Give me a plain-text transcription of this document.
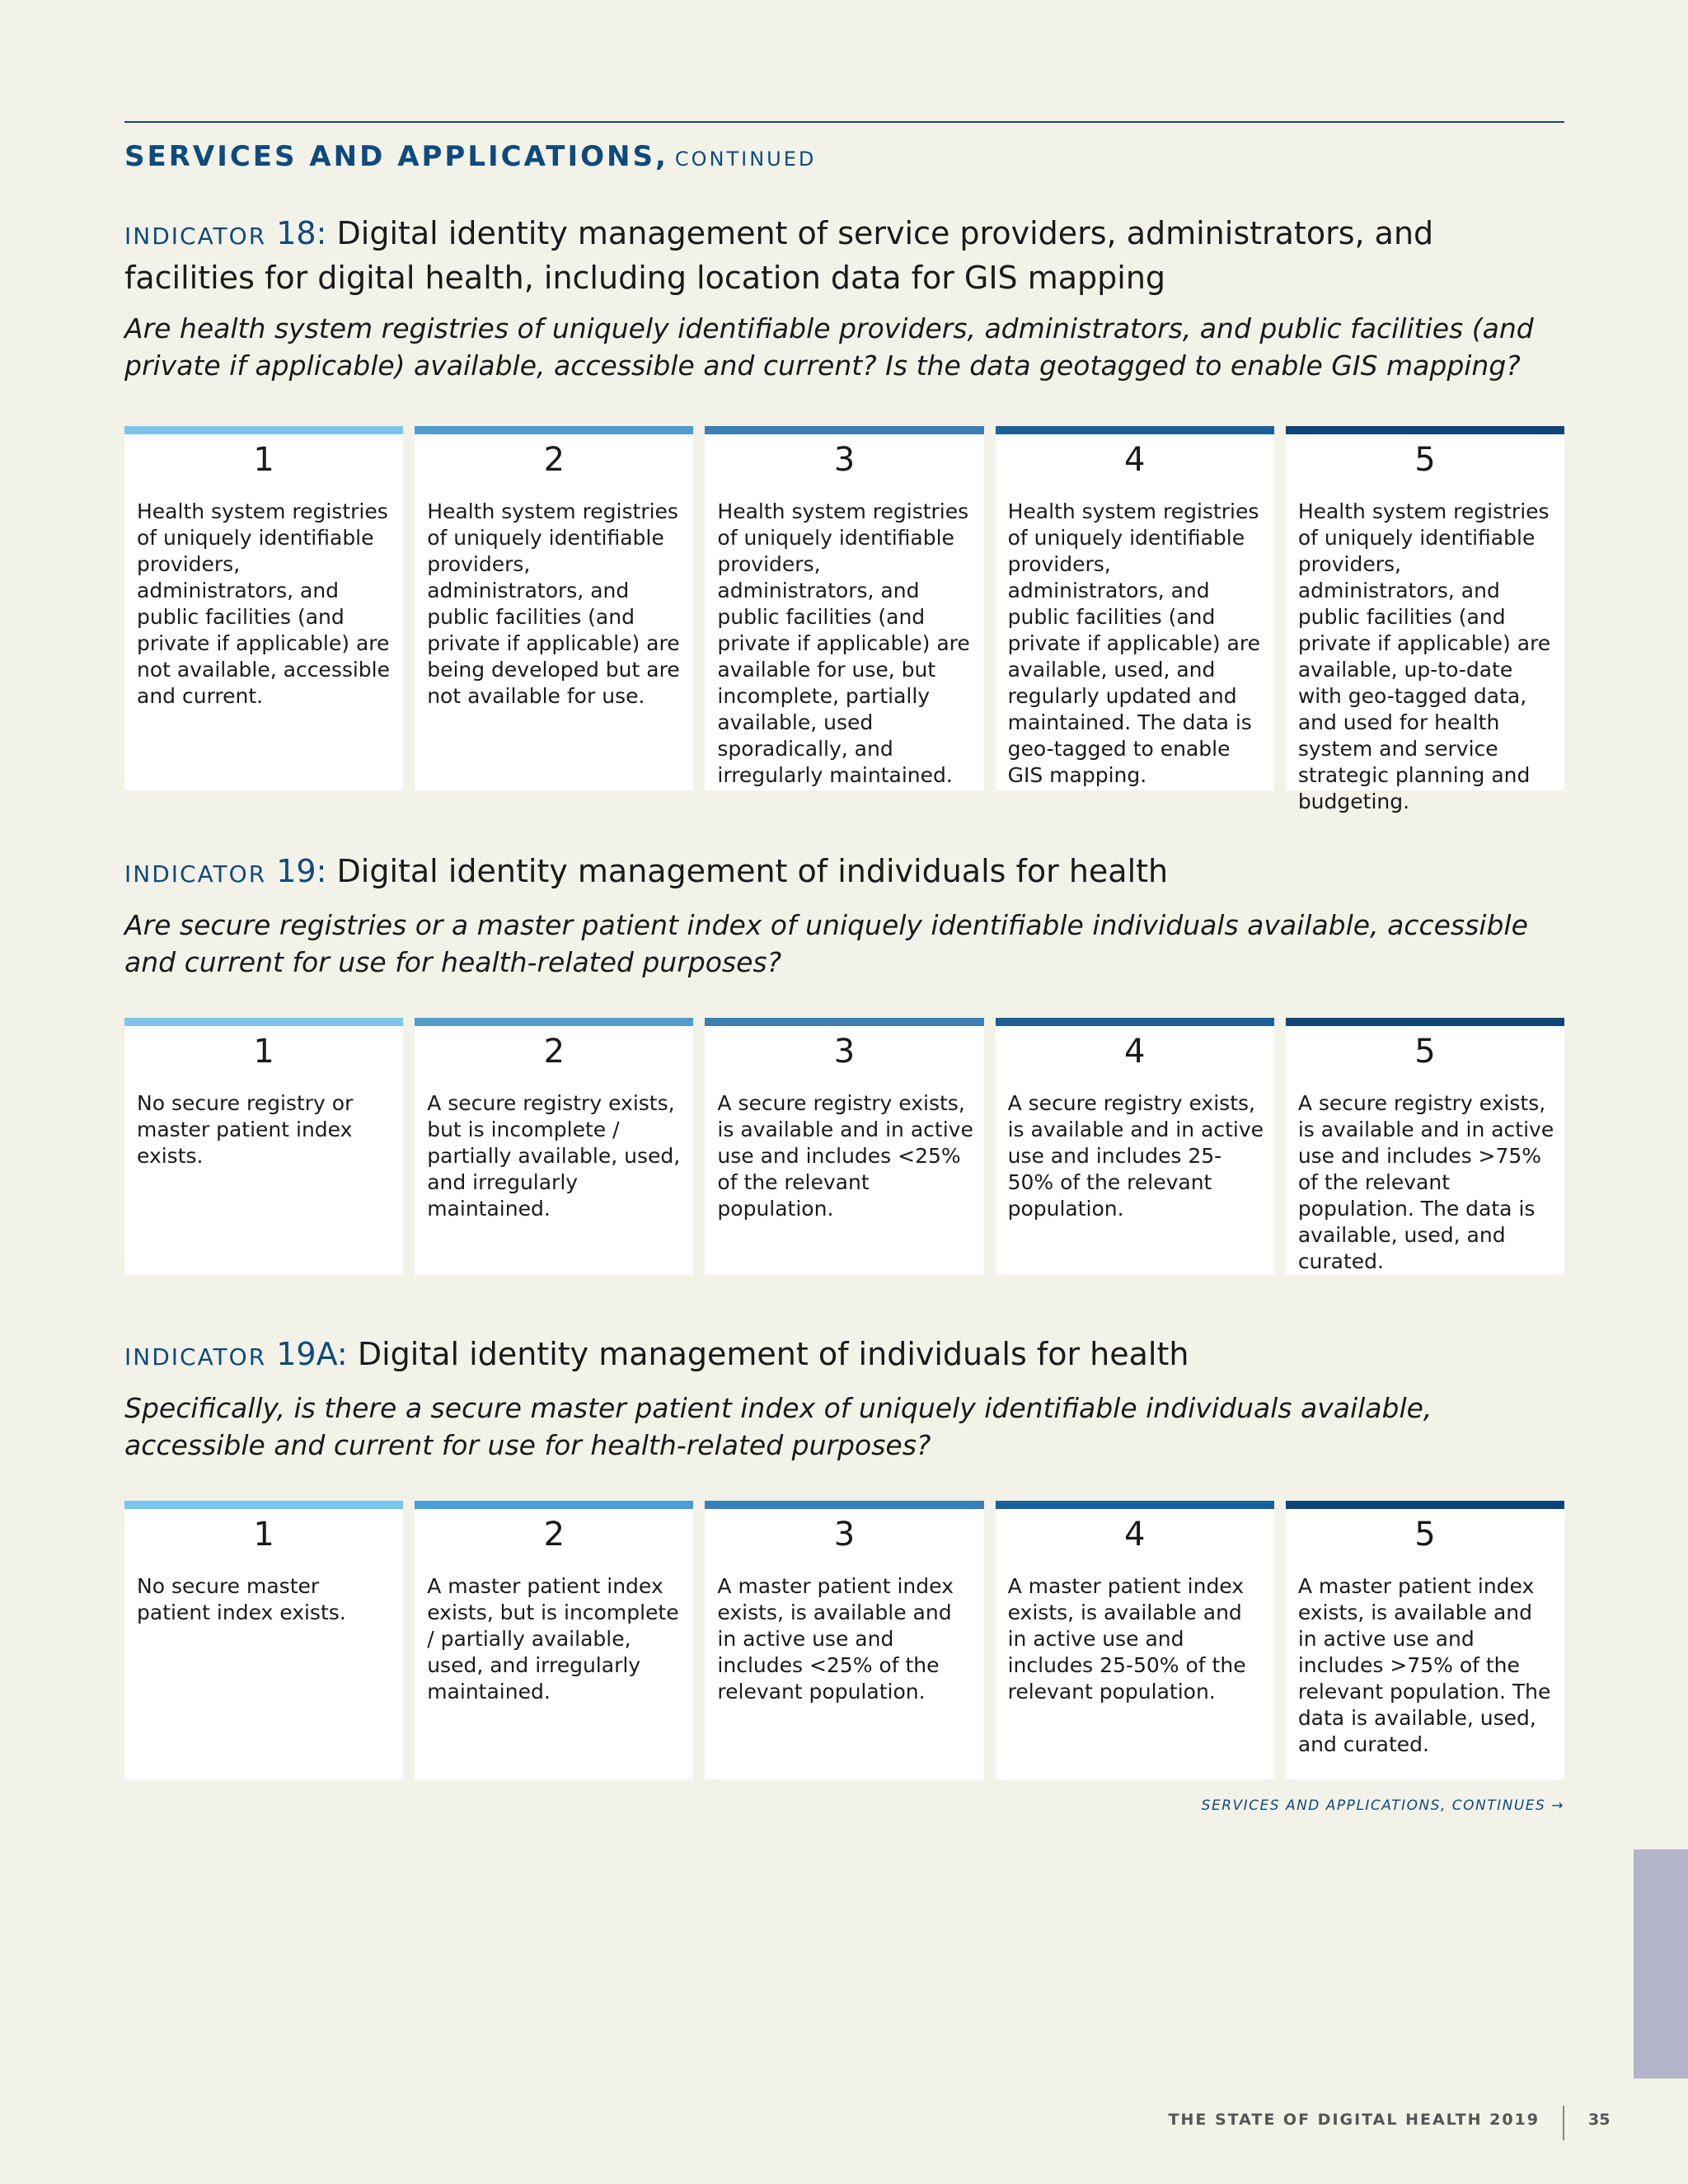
SERVICES AND APPLICATIONS, CONTINUED
INDICATOR 18: Digital identity management of service providers, administrators, and facilities for digital health, including location data for GIS mapping
Are health system registries of uniquely identifiable providers, administrators, and public facilities (and private if applicable) available, accessible and current? Is the data geotagged to enable GIS mapping?
1
Health system registries of uniquely identifiable providers, administrators, and public facilities (and private if applicable) are not available, accessible and current.
2
Health system registries of uniquely identifiable providers, administrators, and public facilities (and private if applicable) are being developed but are not available for use.
3
Health system registries of uniquely identifiable providers, administrators, and public facilities (and private if applicable) are available for use, but incomplete, partially available, used sporadically, and irregularly maintained.
4
Health system registries of uniquely identifiable providers, administrators, and public facilities (and private if applicable) are available, used, and regularly updated and maintained. The data is geo-tagged to enable GIS mapping.
5
Health system registries of uniquely identifiable providers, administrators, and public facilities (and private if applicable) are available, up-to-date with geo-tagged data, and used for health system and service strategic planning and budgeting.
INDICATOR 19: Digital identity management of individuals for health
Are secure registries or a master patient index of uniquely identifiable individuals available, accessible and current for use for health-related purposes?
1
No secure registry or master patient index exists.
2
A secure registry exists, but is incomplete / partially available, used, and irregularly maintained.
3
A secure registry exists, is available and in active use and includes <25% of the relevant population.
4
A secure registry exists, is available and in active use and includes 25-50% of the relevant population.
5
A secure registry exists, is available and in active use and includes >75% of the relevant population. The data is available, used, and curated.
INDICATOR 19A: Digital identity management of individuals for health
Specifically, is there a secure master patient index of uniquely identifiable individuals available, accessible and current for use for health-related purposes?
1
No secure master patient index exists.
2
A master patient index exists, but is incomplete / partially available, used, and irregularly maintained.
3
A master patient index exists, is available and in active use and includes <25% of the relevant population.
4
A master patient index exists, is available and in active use and includes 25-50% of the relevant population.
5
A master patient index exists, is available and in active use and includes >75% of the relevant population. The data is available, used, and curated.
SERVICES AND APPLICATIONS, CONTINUES →
THE STATE OF DIGITAL HEALTH 2019	35
